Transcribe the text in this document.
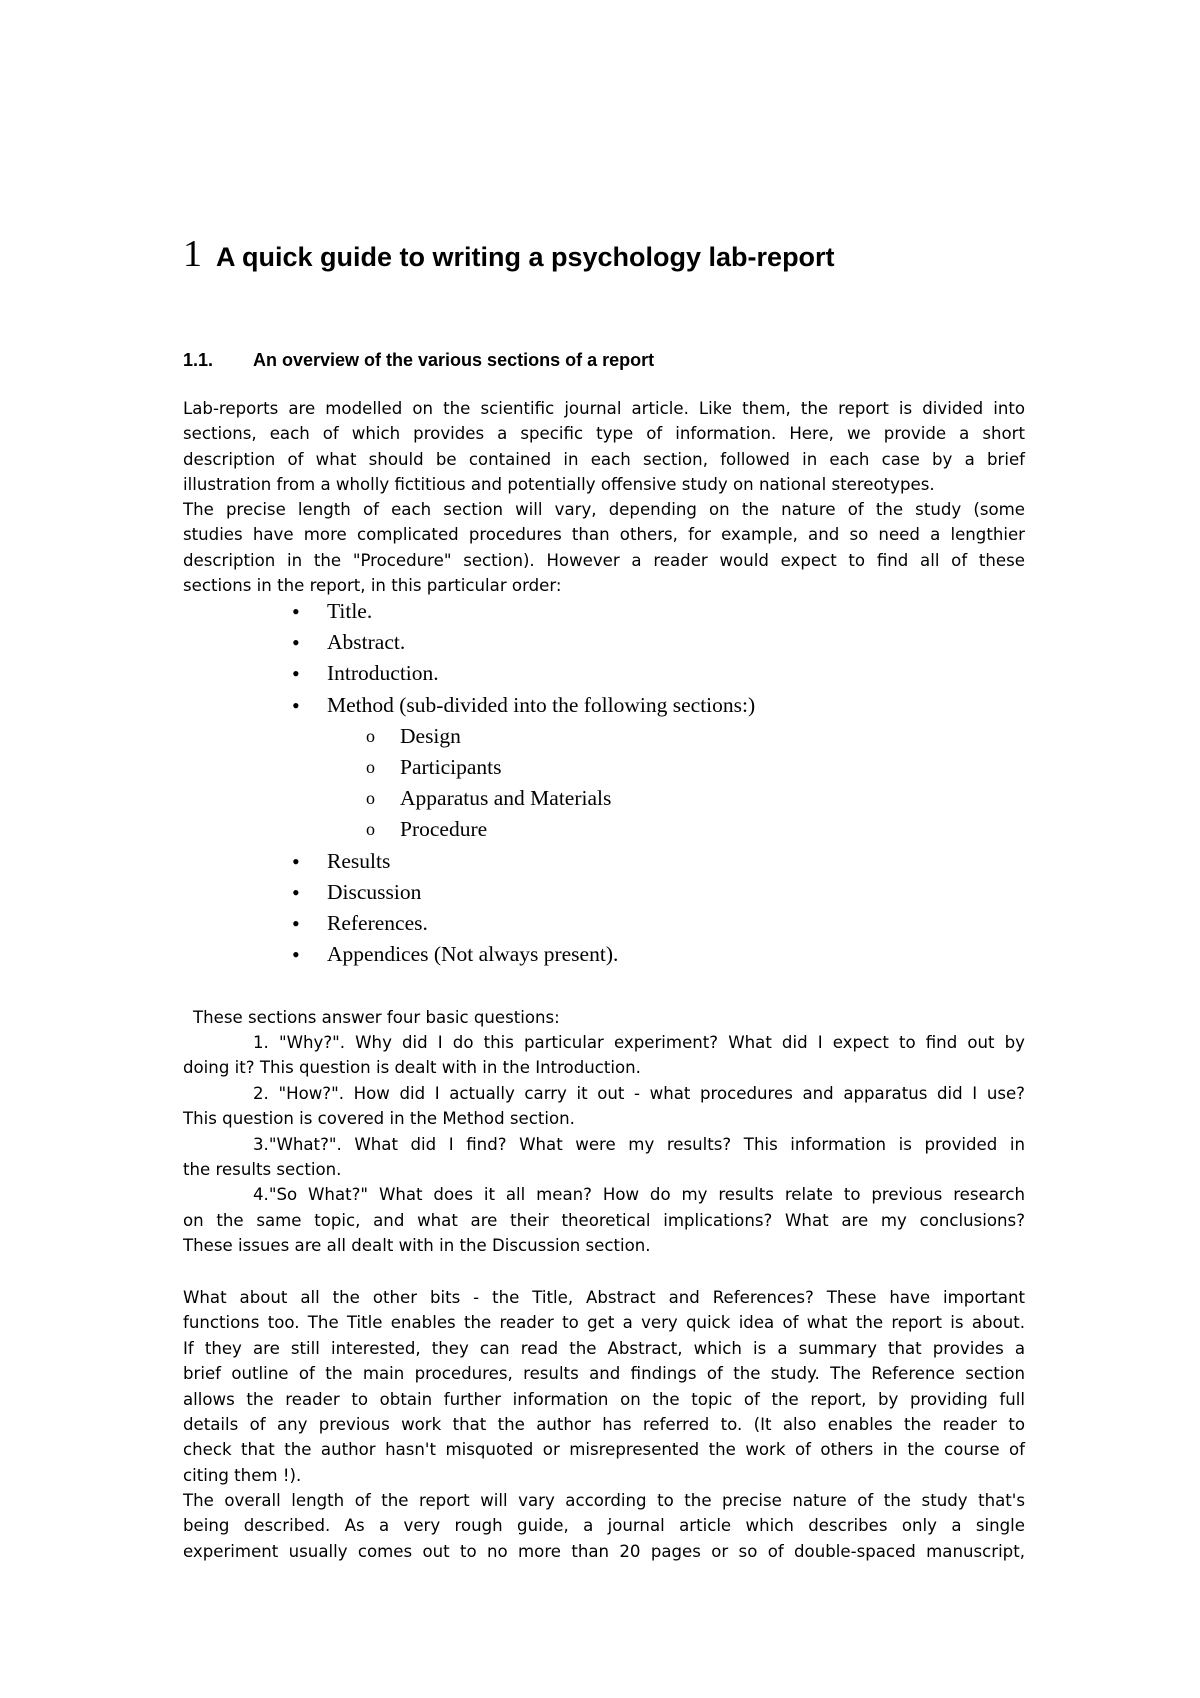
1 A quick guide to writing a psychology lab-report
1.1.	An overview of the various sections of a report

Lab-reports are modelled on the scientific journal article. Like them, the report is divided into
sections, each of which provides a specific type of information. Here, we provide a short
description of what should be contained in each section, followed in each case by a brief
illustration from a wholly fictitious and potentially offensive study on national stereotypes.

The precise length of each section will vary, depending on the nature of the study (some
studies have more complicated procedures than others, for example, and so need a lengthier
description in the "Procedure" section). However a reader would expect to find all of these
sections in the report, in this particular order:

• Title.
• Abstract.
• Introduction.
• Method (sub-divided into the following sections:)
o Design
o Participants
o Apparatus and Materials
o Procedure
• Results
• Discussion
• References.
• Appendices (Not always present).

These sections answer four basic questions:

1. "Why?". Why did I do this particular experiment? What did I expect to find out by
doing it? This question is dealt with in the Introduction.
2. "How?". How did I actually carry it out - what procedures and apparatus did I use?
This question is covered in the Method section.
3."What?". What did I find? What were my results? This information is provided in
the results section.
4."So What?" What does it all mean? How do my results relate to previous research
on the same topic, and what are their theoretical implications? What are my conclusions?
These issues are all dealt with in the Discussion section.

What about all the other bits - the Title, Abstract and References? These have important
functions too. The Title enables the reader to get a very quick idea of what the report is about.
If they are still interested, they can read the Abstract, which is a summary that provides a
brief outline of the main procedures, results and findings of the study. The Reference section
allows the reader to obtain further information on the topic of the report, by providing full
details of any previous work that the author has referred to. (It also enables the reader to
check that the author hasn't misquoted or misrepresented the work of others in the course of
citing them !).

The overall length of the report will vary according to the precise nature of the study that's
being described. As a very rough guide, a journal article which describes only a single
experiment usually comes out to no more than 20 pages or so of double-spaced manuscript,
